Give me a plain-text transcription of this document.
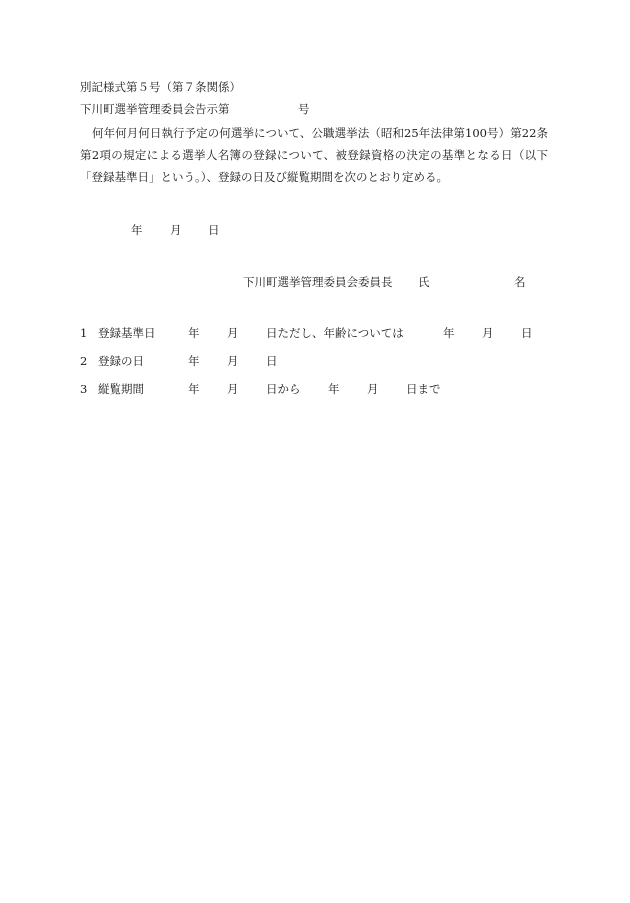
別記様式第５号（第７条関係）
下川町選挙管理委員会告示第	号
何年何月何日執行予定の何選挙について、公職選挙法（昭和25年法律第100号）第22条第2項の規定による選挙人名簿の登録について、被登録資格の決定の基準となる日（以下「登録基準日」という。）、登録の日及び縦覧期間を次のとおり定める。
年 月 日
下川町選挙管理委員会委員長 氏	名
1 登録基準日	年 月 日ただし、年齢については	年 月 日
2 登録の日	年 月 日
3 縦覧期間	年 月 日から 年 月 日まで
